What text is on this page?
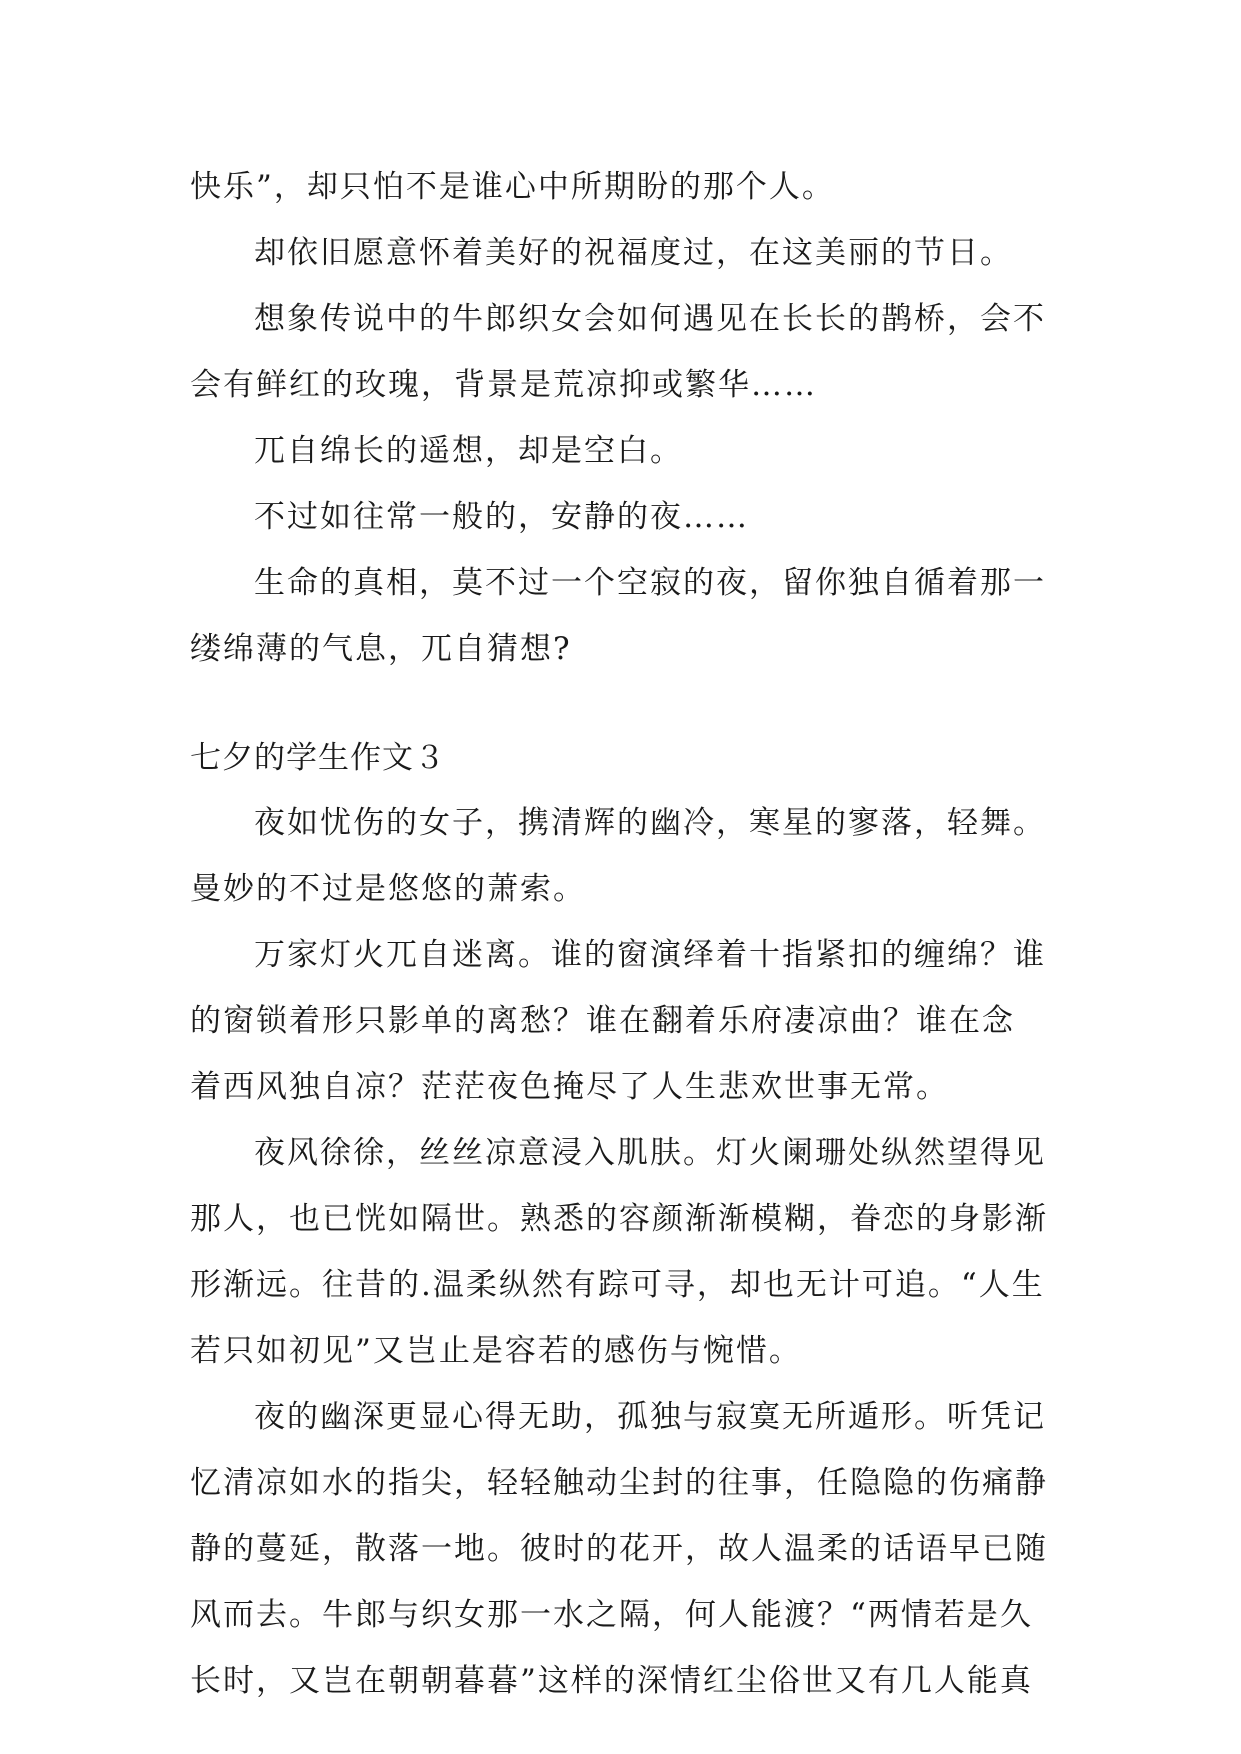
快乐”，却只怕不是谁心中所期盼的那个人。
却依旧愿意怀着美好的祝福度过，在这美丽的节日。
想象传说中的牛郎织女会如何遇见在长长的鹊桥，会不
会有鲜红的玫瑰，背景是荒凉抑或繁华……
兀自绵长的遥想，却是空白。
不过如往常一般的，安静的夜……
生命的真相，莫不过一个空寂的夜，留你独自循着那一
缕绵薄的气息，兀自猜想?
七夕的学生作文３
夜如忧伤的女子，携清辉的幽冷，寒星的寥落，轻舞。
曼妙的不过是悠悠的萧索。
万家灯火兀自迷离。谁的窗演绎着十指紧扣的缠绵？谁
的窗锁着形只影单的离愁？谁在翻着乐府凄凉曲？谁在念
着西风独自凉？茫茫夜色掩尽了人生悲欢世事无常。
夜风徐徐，丝丝凉意浸入肌肤。灯火阑珊处纵然望得见
那人，也已恍如隔世。熟悉的容颜渐渐模糊，眷恋的身影渐
形渐远。往昔的.温柔纵然有踪可寻，却也无计可追。“人生
若只如初见”又岂止是容若的感伤与惋惜。
夜的幽深更显心得无助，孤独与寂寞无所遁形。听凭记
忆清凉如水的指尖，轻轻触动尘封的往事，任隐隐的伤痛静
静的蔓延，散落一地。彼时的花开，故人温柔的话语早已随
风而去。牛郎与织女那一水之隔，何人能渡？“两情若是久
长时，又岂在朝朝暮暮”这样的深情红尘俗世又有几人能真
